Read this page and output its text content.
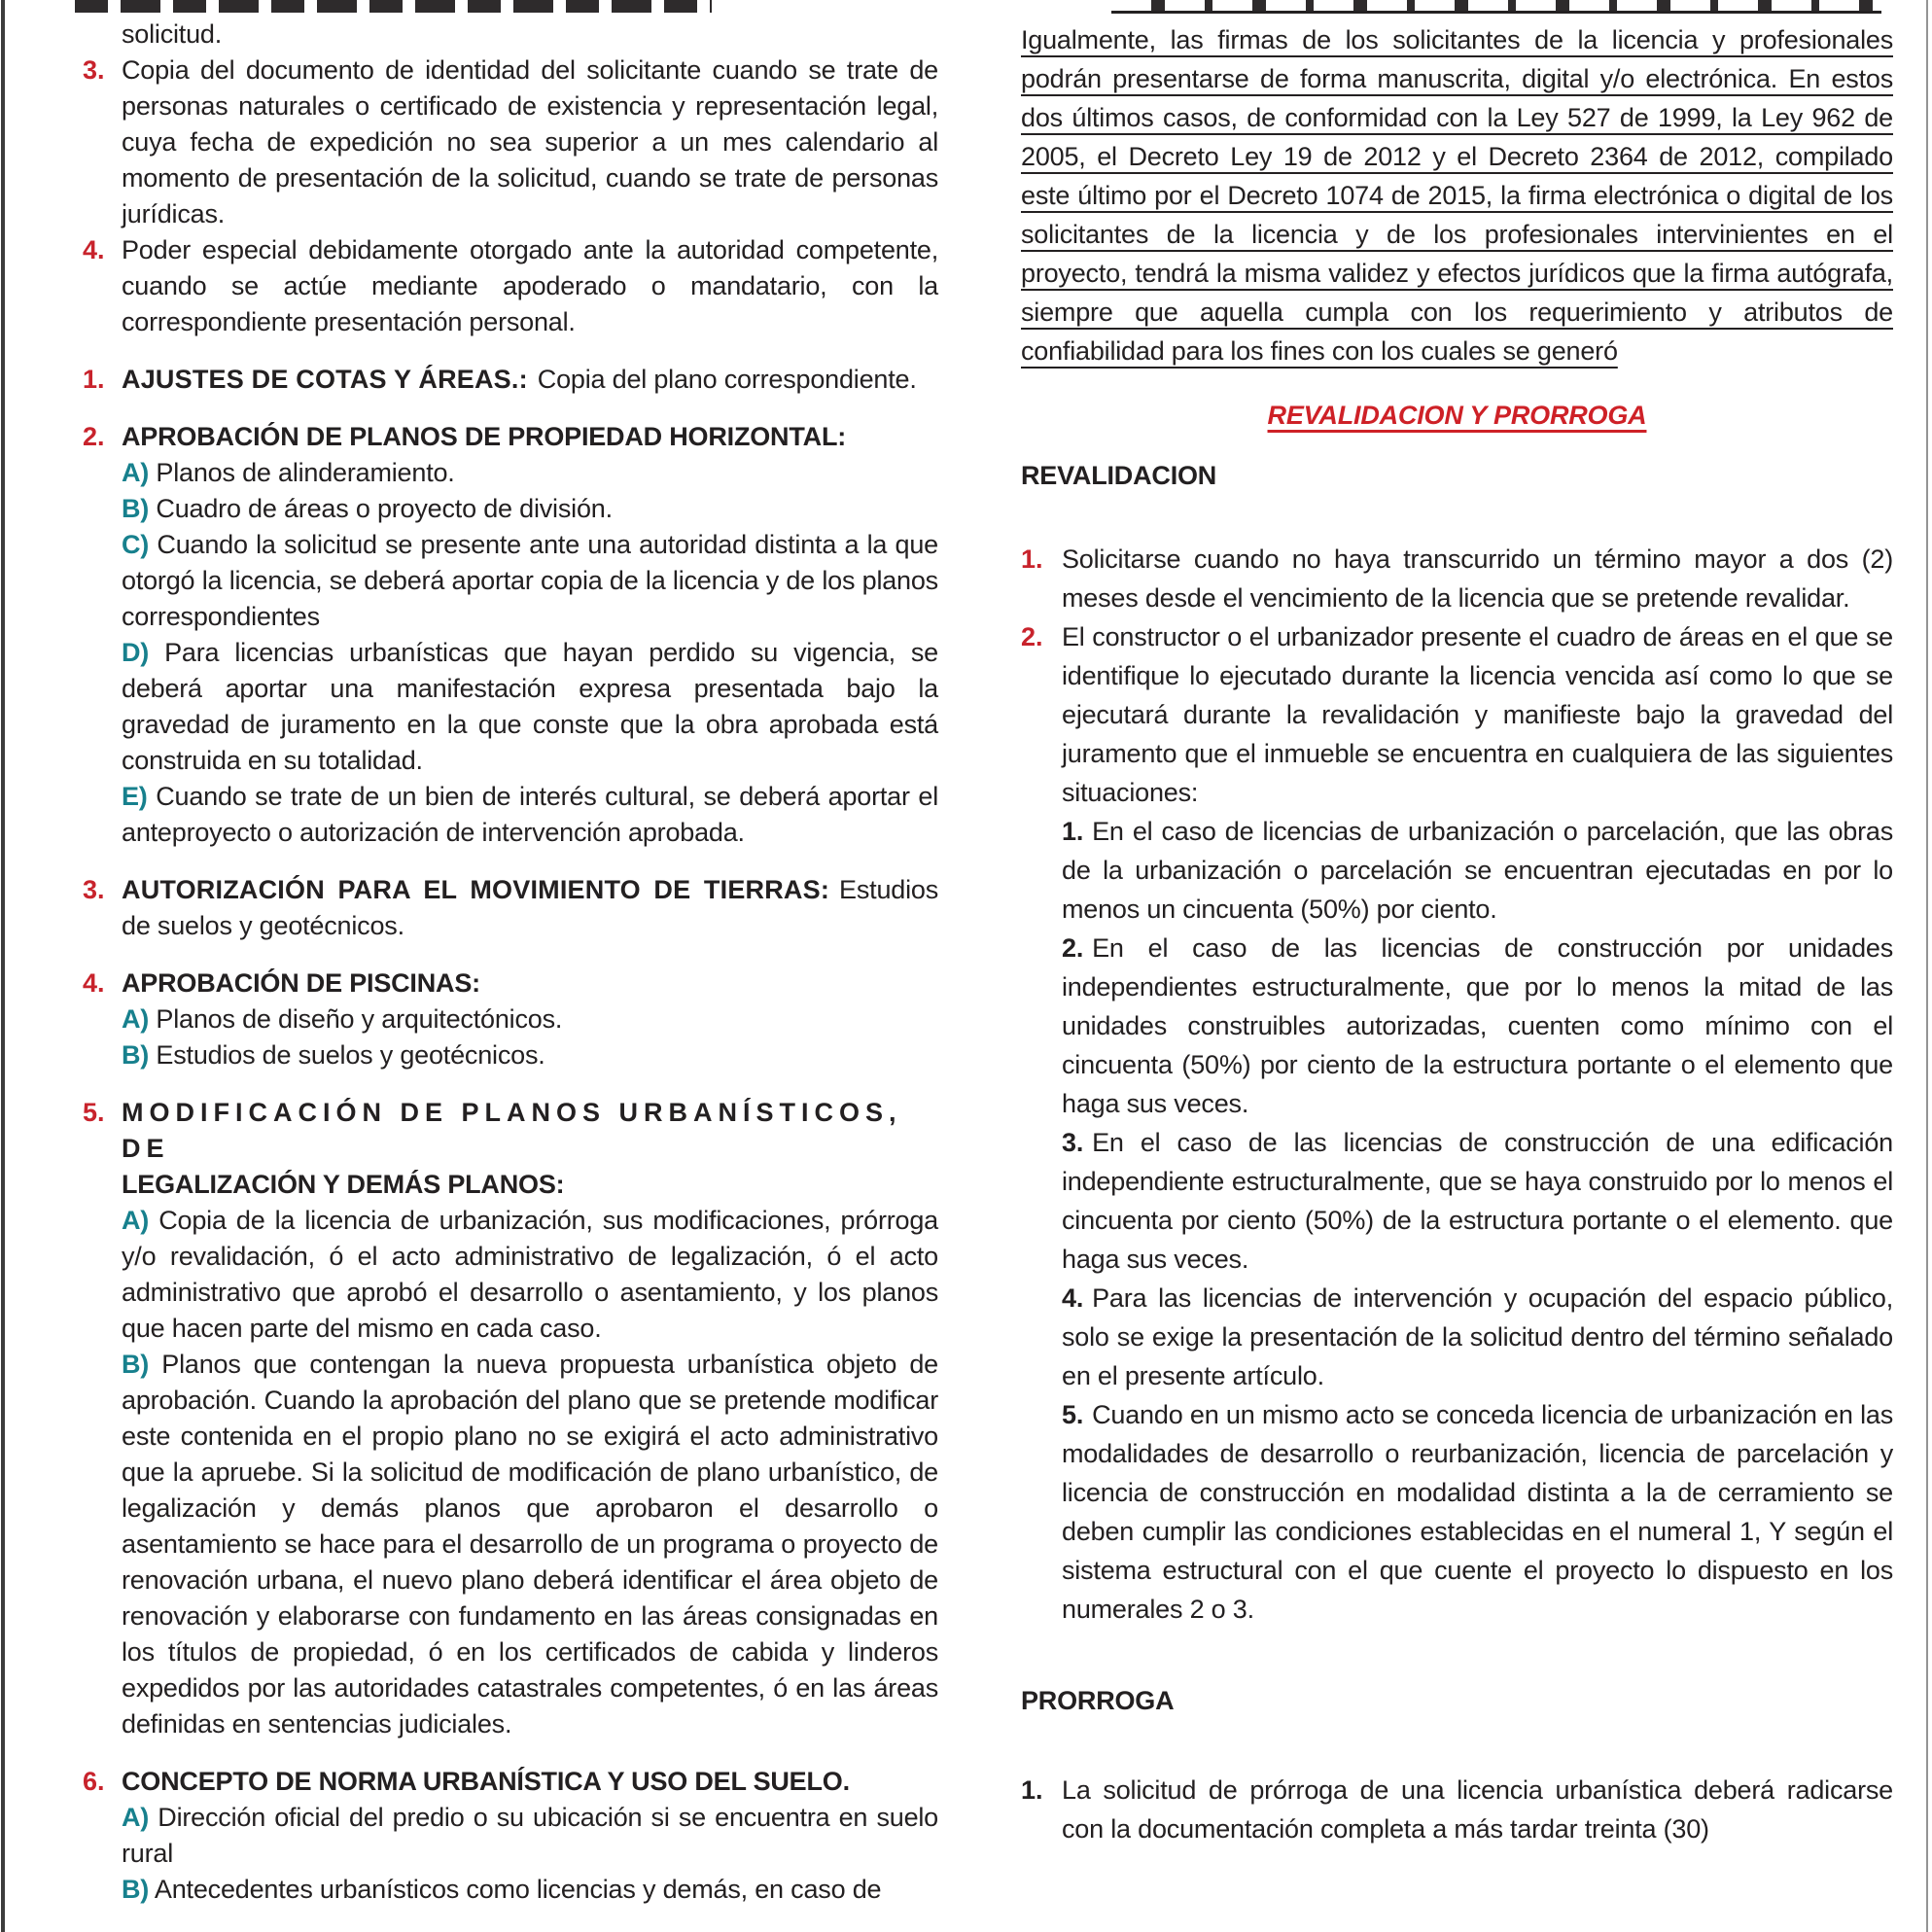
solicitud.

3. Copia del documento de identidad del solicitante cuando se trate de personas naturales o certificado de existencia y representación legal, cuya fecha de expedición no sea superior a un mes calendario al momento de presentación de la solicitud, cuando se trate de personas jurídicas.

4. Poder especial debidamente otorgado ante la autoridad competente, cuando se actúe mediante apoderado o mandatario, con la correspondiente presentación personal.

1. AJUSTES DE COTAS Y ÁREAS.: Copia del plano correspondiente.

2. APROBACIÓN DE PLANOS DE PROPIEDAD HORIZONTAL:

A) Planos de alinderamiento.

B) Cuadro de áreas o proyecto de división.

C) Cuando la solicitud se presente ante una autoridad distinta a la que otorgó la licencia, se deberá aportar copia de la licencia y de los planos correspondientes

D) Para licencias urbanísticas que hayan perdido su vigencia, se deberá aportar una manifestación expresa presentada bajo la gravedad de juramento en la que conste que la obra aprobada está construida en su totalidad.

E) Cuando se trate de un bien de interés cultural, se deberá aportar el anteproyecto o autorización de intervención aprobada.

3. AUTORIZACIÓN PARA EL MOVIMIENTO DE TIERRAS: Estudios de suelos y geotécnicos.

4. APROBACIÓN DE PISCINAS:

A) Planos de diseño y arquitectónicos.

B) Estudios de suelos y geotécnicos.

5. MODIFICACIÓN DE PLANOS URBANÍSTICOS, DE
LEGALIZACIÓN Y DEMÁS PLANOS:

A) Copia de la licencia de urbanización, sus modificaciones, prórroga y/o revalidación, ó el acto administrativo de legalización, ó el acto administrativo que aprobó el desarrollo o asentamiento, y los planos que hacen parte del mismo en cada caso.

B) Planos que contengan la nueva propuesta urbanística objeto de aprobación. Cuando la aprobación del plano que se pretende modificar este contenida en el propio plano no se exigirá el acto administrativo que la apruebe. Si la solicitud de modificación de plano urbanístico, de legalización y demás planos que aprobaron el desarrollo o asentamiento se hace para el desarrollo de un programa o proyecto de renovación urbana, el nuevo plano deberá identificar el área objeto de renovación y elaborarse con fundamento en las áreas consignadas en los títulos de propiedad, ó en los certificados de cabida y linderos expedidos por las autoridades catastrales competentes, ó en las áreas definidas en sentencias judiciales.

6. CONCEPTO DE NORMA URBANÍSTICA Y USO DEL SUELO.

A) Dirección oficial del predio o su ubicación si se encuentra en suelo rural

B) Antecedentes urbanísticos como licencias y demás, en caso de

Igualmente, las firmas de los solicitantes de la licencia y profesionales podrán presentarse de forma manuscrita, digital y/o electrónica. En estos dos últimos casos, de conformidad con la Ley 527 de 1999, la Ley 962 de 2005, el Decreto Ley 19 de 2012 y el Decreto 2364 de 2012, compilado este último por el Decreto 1074 de 2015, la firma electrónica o digital de los solicitantes de la licencia y de los profesionales intervinientes en el proyecto, tendrá la misma validez y efectos jurídicos que la firma autógrafa, siempre que aquella cumpla con los requerimiento y atributos de confiabilidad para los fines con los cuales se generó

REVALIDACION Y PRORROGA

REVALIDACION

1. Solicitarse cuando no haya transcurrido un término mayor a dos (2) meses desde el vencimiento de la licencia que se pretende revalidar.

2. El constructor o el urbanizador presente el cuadro de áreas en el que se identifique lo ejecutado durante la licencia vencida así como lo que se ejecutará durante la revalidación y manifieste bajo la gravedad del juramento que el inmueble se encuentra en cualquiera de las siguientes situaciones:

1. En el caso de licencias de urbanización o parcelación, que las obras de la urbanización o parcelación se encuentran ejecutadas en por lo menos un cincuenta (50%) por ciento.

2. En el caso de las licencias de construcción por unidades independientes estructuralmente, que por lo menos la mitad de las unidades construibles autorizadas, cuenten como mínimo con el cincuenta (50%) por ciento de la estructura portante o el elemento que haga sus veces.

3. En el caso de las licencias de construcción de una edificación independiente estructuralmente, que se haya construido por lo menos el cincuenta por ciento (50%) de la estructura portante o el elemento. que haga sus veces.

4. Para las licencias de intervención y ocupación del espacio público, solo se exige la presentación de la solicitud dentro del término señalado en el presente artículo.

5. Cuando en un mismo acto se conceda licencia de urbanización en las modalidades de desarrollo o reurbanización, licencia de parcelación y licencia de construcción en modalidad distinta a la de cerramiento se deben cumplir las condiciones establecidas en el numeral 1, Y según el sistema estructural con el que cuente el proyecto lo dispuesto en los numerales 2 o 3.

PRORROGA

1. La solicitud de prórroga de una licencia urbanística deberá radicarse con la documentación completa a más tardar treinta (30)
